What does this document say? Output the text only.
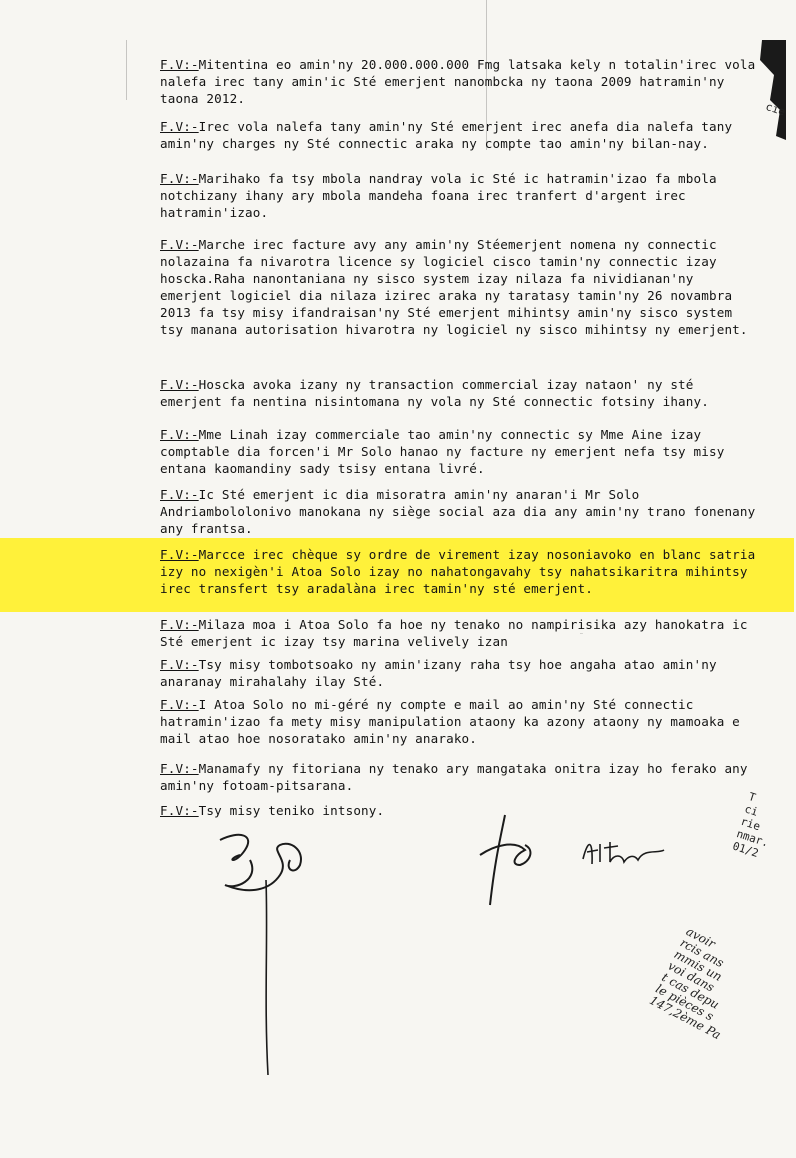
F.V:-Mitentina eo amin'ny 20.000.000.000 Fmg latsaka kely n totalin'irec vola nalefa irec tany amin'ic Sté emerjent nanombcka ny taona 2009 hatramin'ny taona 2012.
F.V:-Irec vola nalefa tany amin'ny Sté emerjent irec anefa dia nalefa tany amin'ny charges ny Sté connectic araka ny compte tao amin'ny bilan-nay.
F.V:-Marihako fa tsy mbola nandray vola ic Sté ic hatramin'izao fa mbola notchizany ihany ary mbola mandeha foana irec tranfert d'argent irec hatramin'izao.
F.V:-Marche irec facture avy any amin'ny Stéemerjent nomena ny connectic nolazaina fa nivarotra licence sy logiciel cisco tamin'ny connectic izay hoscka.Raha nanontaniana ny sisco system izay nilaza fa nividianan'ny emerjent logiciel dia nilaza izirec araka ny taratasy tamin'ny 26 novambra 2013 fa tsy misy ifandraisan'ny Sté emerjent mihintsy amin'ny sisco system tsy manana autorisation hivarotra ny logiciel ny sisco mihintsy ny emerjent.
F.V:-Hoscka avoka izany ny transaction commercial izay nataon' ny sté emerjent fa nentina nisintomana ny vola ny Sté connectic fotsiny ihany.
F.V:-Mme Linah izay commerciale tao amin'ny connectic sy Mme Aine izay comptable dia forcen'i Mr Solo hanao ny facture ny emerjent nefa tsy misy entana kaomandiny sady tsisy entana livré.
F.V:-Ic Sté emerjent ic dia misoratra amin'ny anaran'i Mr Solo Andriambololonivo manokana ny siège social aza dia any amin'ny trano fonenany any frantsa.
F.V:-Marcce irec chèque sy ordre de virement izay nosoniavoko en blanc satria izy no nexigèn'i Atoa Solo izay no nahatongavahy tsy nahatsikaritra mihintsy irec transfert tsy aradalàna irec tamin'ny sté emerjent.
F.V:-Milaza moa i Atoa Solo fa hoe ny tenako no nampirisika azy hanokatra ic Sté emerjent ic izay tsy marina velively izan
F.V:-Tsy misy tombotsoako ny amin'izany raha tsy hoe angaha atao amin'ny anaranay mirahalahy ilay Sté.
F.V:-I Atoa Solo no mi-géré ny compte e mail ao amin'ny Sté connectic hatramin'izao fa mety misy manipulation ataony ka azony ataony ny mamoaka e mail atao hoe nosoratako amin'ny anarako.
F.V:-Manamafy ny fitoriana ny tenako ary mangataka onitra izay ho ferako any amin'ny fotoam-pitsarana.
F.V:-Tsy misy teniko intsony.
Hitur
cie
T
ci
rie
nmar.
01/2
avoir
rcis ans
mmis un
voi dans
t cas depu
le pièces s
147,2ème Pa
